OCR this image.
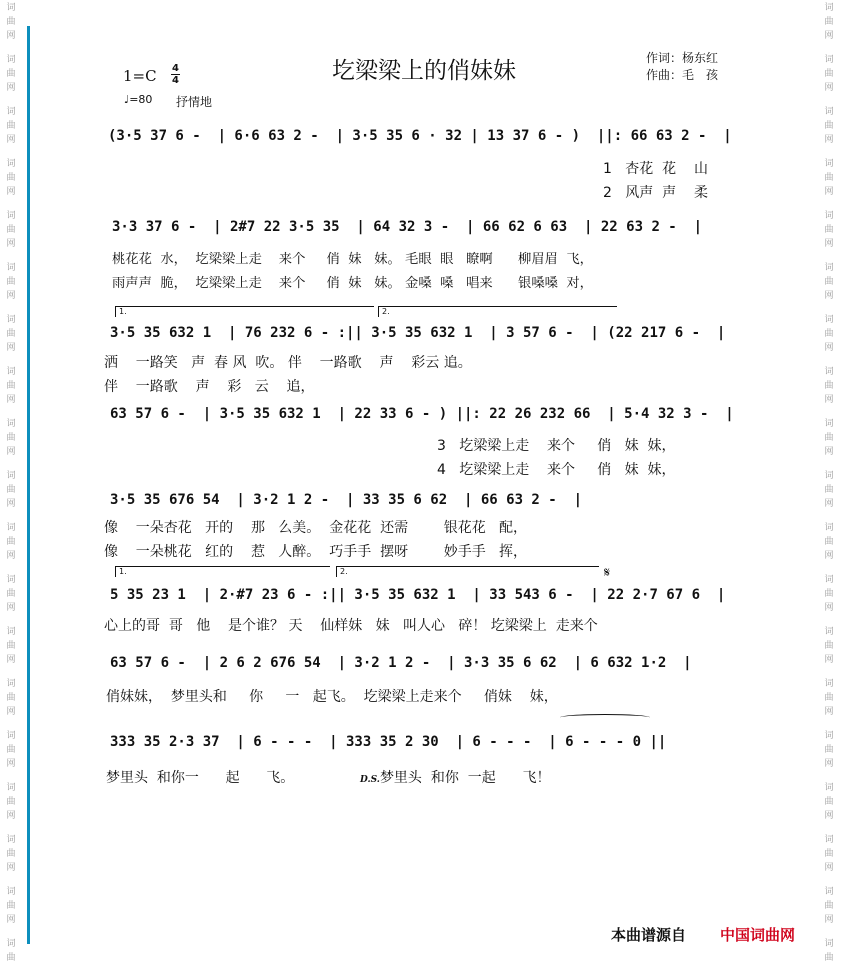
词
曲
网
词
曲
网
词
曲
网
词
曲
网
词
曲
网
词
曲
网
词
曲
网
词
曲
网
词
曲
网
词
曲
网
词
曲
网
词
曲
网
词
曲
网
词
曲
网
词
曲
网
词
曲
网
词
曲
网
词
曲
网
词
曲
词
曲
网
词
曲
网
词
曲
网
词
曲
网
词
曲
网
词
曲
网
词
曲
网
词
曲
网
词
曲
网
词
曲
网
词
曲
网
词
曲
网
词
曲
网
词
曲
网
词
曲
网
词
曲
网
词
曲
网
词
曲
网
词
曲
圪梁梁上的俏妹妹	作词：杨东红
作曲：毛　孩
1=C 4
4
♩=80 抒情地
(3·5 37 6 -  | 6·6 63 2 -  | 3·5 35 6 · 32 | 13 37 6 - )  ||: 66 63 2 -  |
3·3 37 6 -  | 2#7 22 3·5 35  | 64 32 3 -  | 66 62 6 63  | 22 63 2 -  |
3·5 35 632 1  | 76 232 6 - :|| 3·5 35 632 1  | 3 57 6 -  | (22 217 6 -  |
63 57 6 -  | 3·5 35 632 1  | 22 33 6 - ) ||: 22 26 232 66  | 5·4 32 3 -  |
3·5 35 676 54  | 3·2 1 2 -  | 33 35 6 62  | 66 63 2 -  |
5 35 23 1  | 2·#7 23 6 - :|| 3·5 35 632 1  | 33 543 6 -  | 22 2·7 67 6  |
63 57 6 -  | 2 6 2 676 54  | 3·2 1 2 -  | 3·3 35 6 62  | 6 632 1·2  |
333 35 2·3 37  | 6 - - -  | 333 35 2 30  | 6 - - -  | 6 - - - 0 ||
1.	2.
1.	2.	𝄋
1   杏花  花    山
2   风声  声    柔
桃花花  水，  圪梁梁上走    来个     俏  妹   妹。 毛眼  眼   瞭啊      柳眉眉  飞，
雨声声  脆，  圪梁梁上走    来个     俏  妹   妹。 金嗓  嗓   唱来      银嗓嗓  对，
洒    一路笑   声  春 风  吹。 伴    一路歌    声    彩云 追。
伴    一路歌    声    彩   云    追，
3   圪梁梁上走    来个     俏   妹  妹，
4   圪梁梁上走    来个     俏   妹  妹，
像    一朵杏花   开的    那   么美。  金花花  还需        银花花   配，
像    一朵桃花   红的    惹   人醉。  巧手手  摆呀        妙手手   挥，
心上的哥  哥   他    是个谁？ 天    仙样妹   妹   叫人心   碎！ 圪梁梁上  走来个
俏妹妹，  梦里头和     你     一   起飞。  圪梁梁上走来个     俏妹    妹，
梦里头  和你一      起      飞。	D.S.梦里头  和你  一起      飞！
本曲谱源自 中国词曲网
